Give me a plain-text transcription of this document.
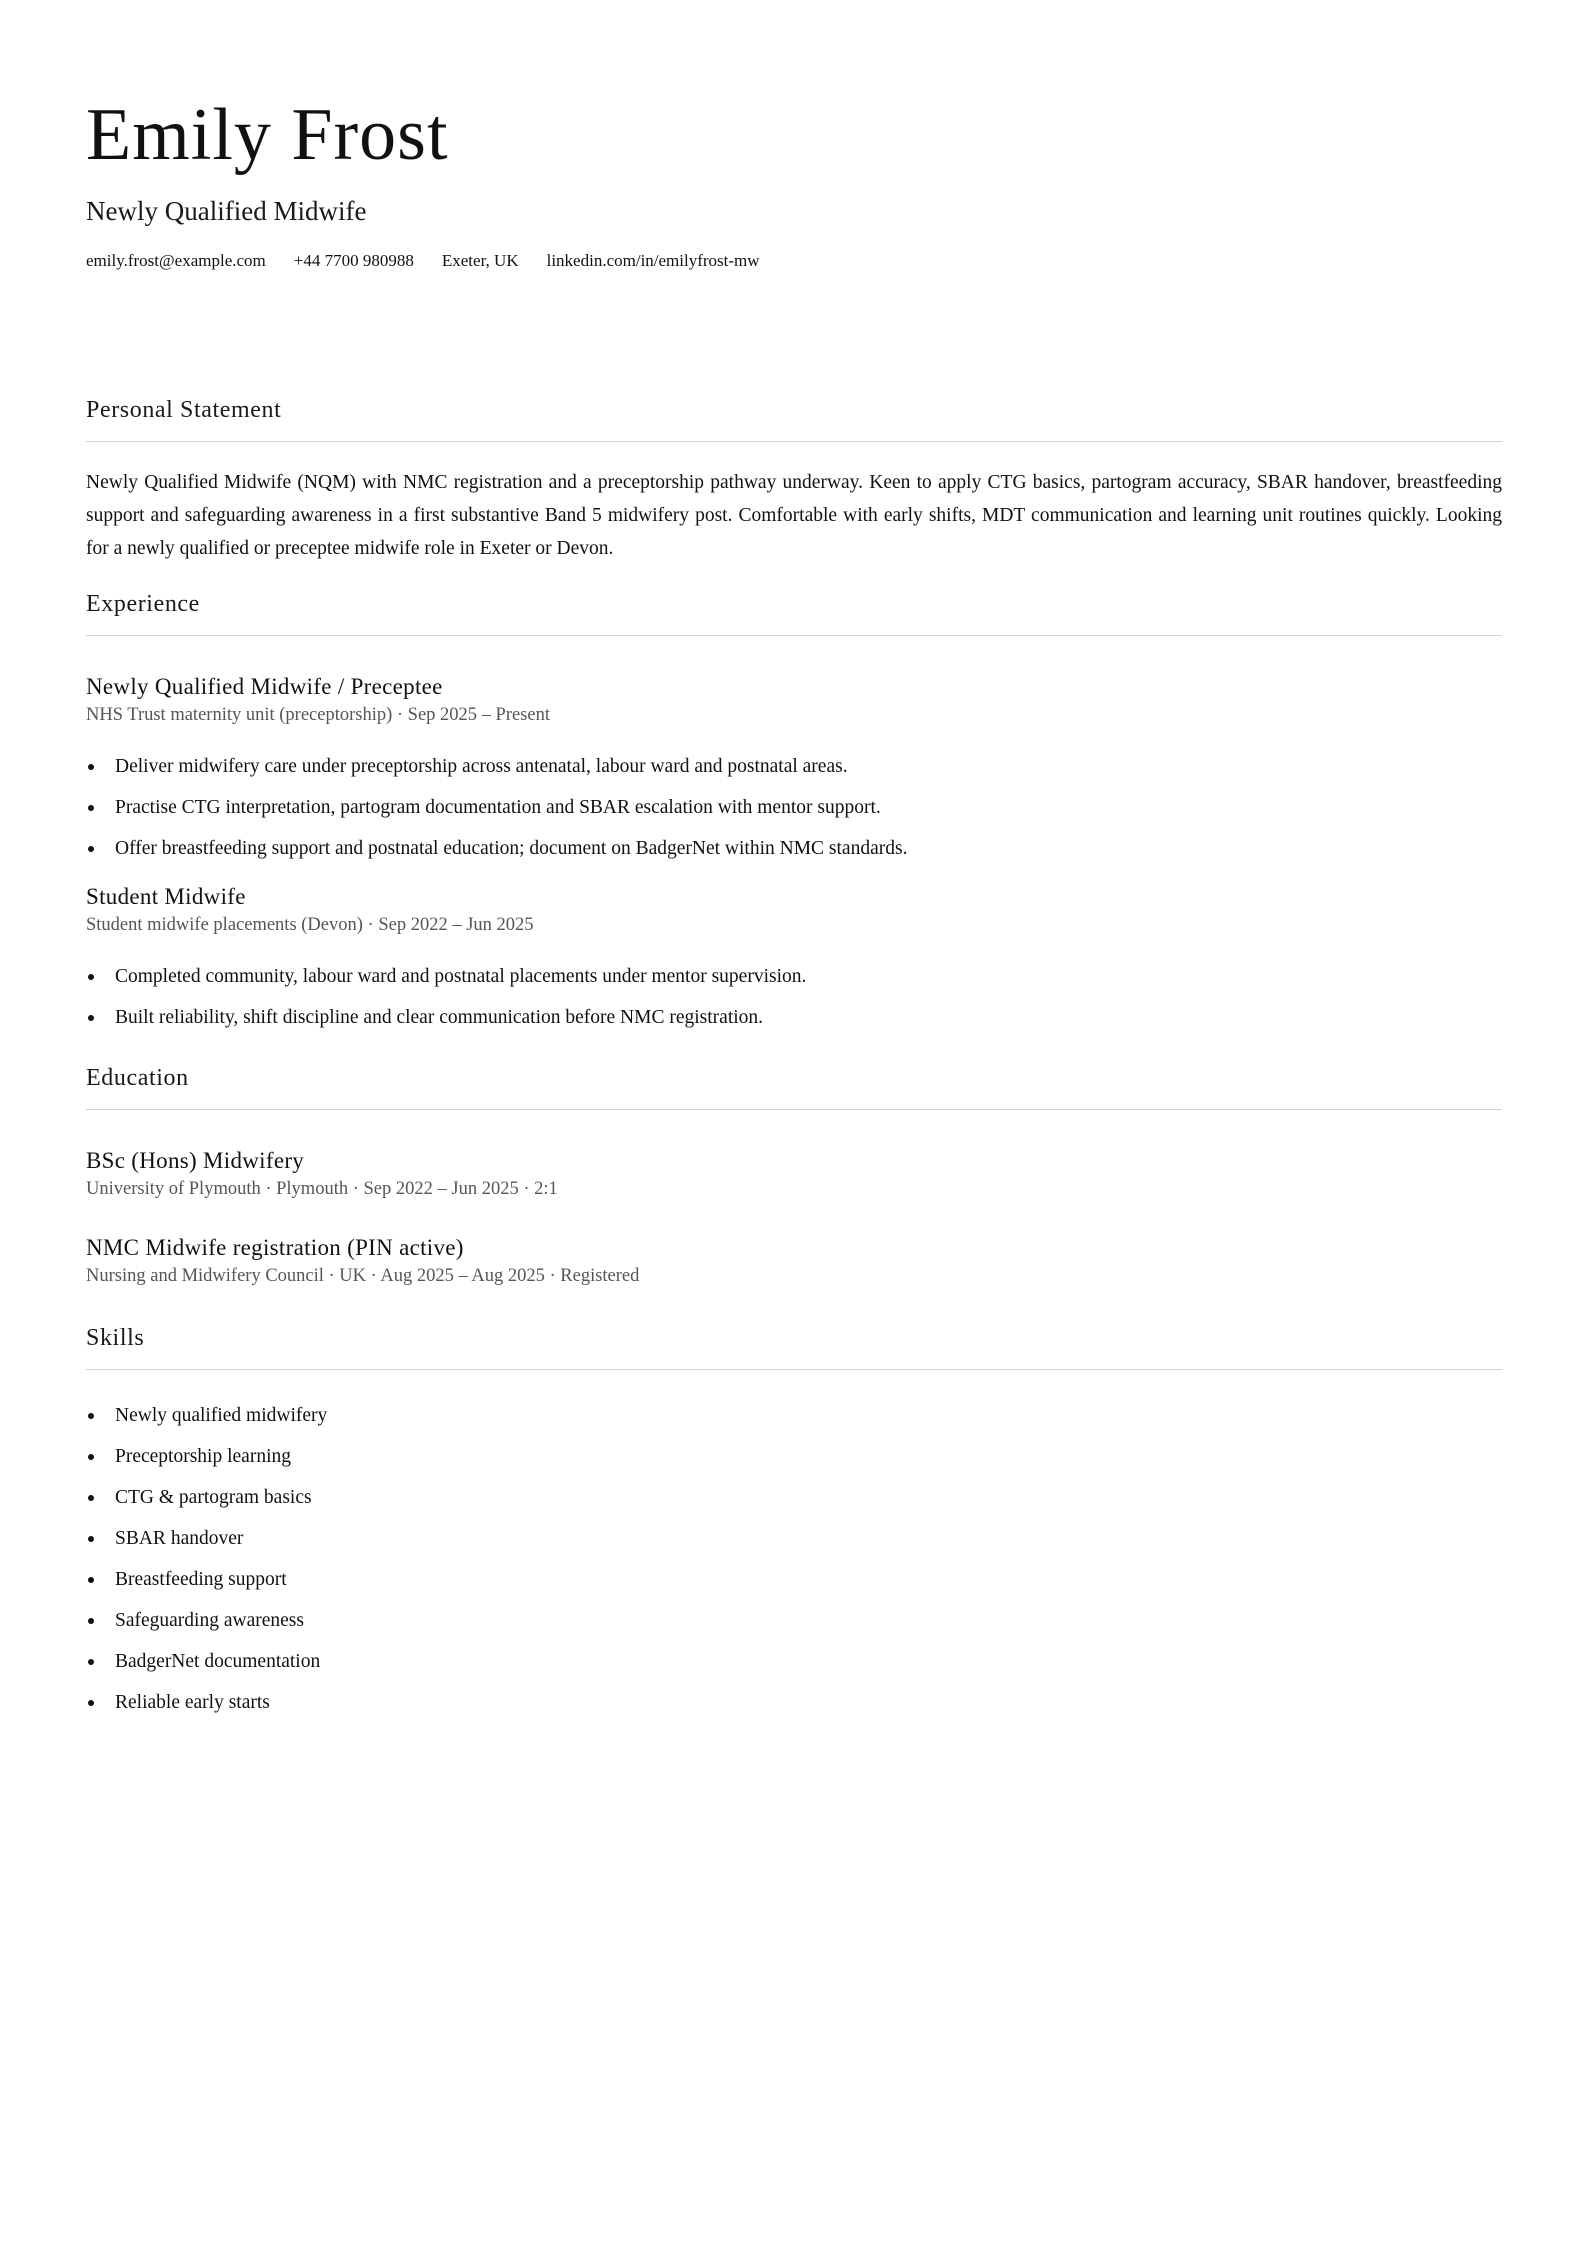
Emily Frost
Newly Qualified Midwife
emily.frost@example.com +44 7700 980988 Exeter, UK linkedin.com/in/emilyfrost-mw
Personal Statement
Newly Qualified Midwife (NQM) with NMC registration and a preceptorship pathway underway. Keen to apply CTG basics, partogram accuracy, SBAR handover, breastfeeding support and safeguarding awareness in a first substantive Band 5 midwifery post. Comfortable with early shifts, MDT communication and learning unit routines quickly. Looking for a newly qualified or preceptee midwife role in Exeter or Devon.
Experience
Newly Qualified Midwife / Preceptee
NHS Trust maternity unit (preceptorship) · Sep 2025 – Present
Deliver midwifery care under preceptorship across antenatal, labour ward and postnatal areas.
Practise CTG interpretation, partogram documentation and SBAR escalation with mentor support.
Offer breastfeeding support and postnatal education; document on BadgerNet within NMC standards.
Student Midwife
Student midwife placements (Devon) · Sep 2022 – Jun 2025
Completed community, labour ward and postnatal placements under mentor supervision.
Built reliability, shift discipline and clear communication before NMC registration.
Education
BSc (Hons) Midwifery
University of Plymouth · Plymouth · Sep 2022 – Jun 2025 · 2:1
NMC Midwife registration (PIN active)
Nursing and Midwifery Council · UK · Aug 2025 – Aug 2025 · Registered
Skills
Newly qualified midwifery
Preceptorship learning
CTG & partogram basics
SBAR handover
Breastfeeding support
Safeguarding awareness
BadgerNet documentation
Reliable early starts
